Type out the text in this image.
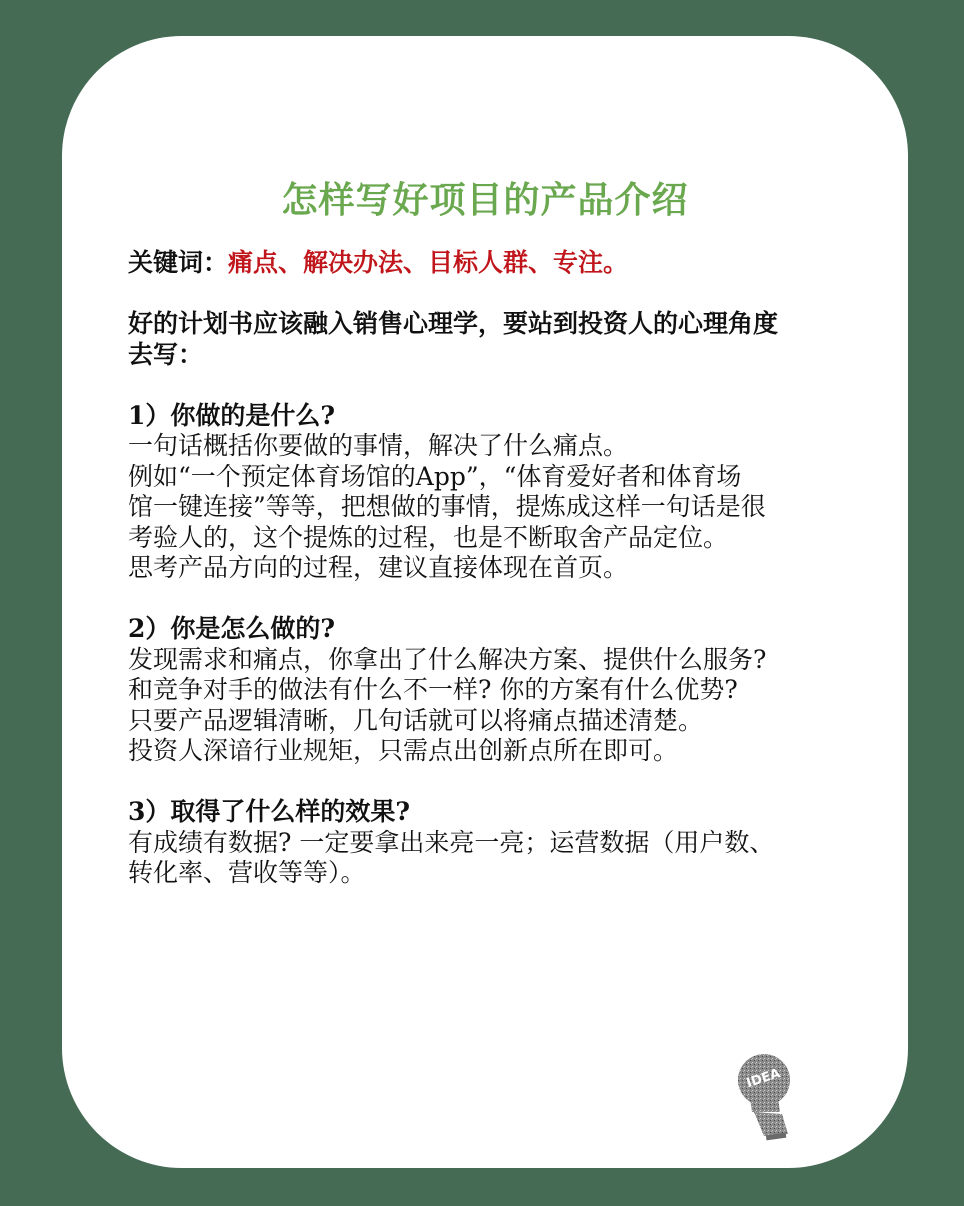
怎样写好项目的产品介绍

关键词：痛点、解决办法、目标人群、专注。

好的计划书应该融入销售心理学，要站到投资人的心理角度

去写：

1）你做的是什么?

一句话概括你要做的事情，解决了什么痛点。

例如“一个预定体育场馆的App”，“体育爱好者和体育场

馆一键连接”等等，把想做的事情，提炼成这样一句话是很

考验人的，这个提炼的过程，也是不断取舍产品定位。

思考产品方向的过程，建议直接体现在首页。

2）你是怎么做的?

发现需求和痛点，你拿出了什么解决方案、提供什么服务?

和竞争对手的做法有什么不一样? 你的方案有什么优势?

只要产品逻辑清晰，几句话就可以将痛点描述清楚。

投资人深谙行业规矩，只需点出创新点所在即可。

3）取得了什么样的效果?

有成绩有数据? 一定要拿出来亮一亮；运营数据（用户数、

转化率、营收等等）。

IDEA
